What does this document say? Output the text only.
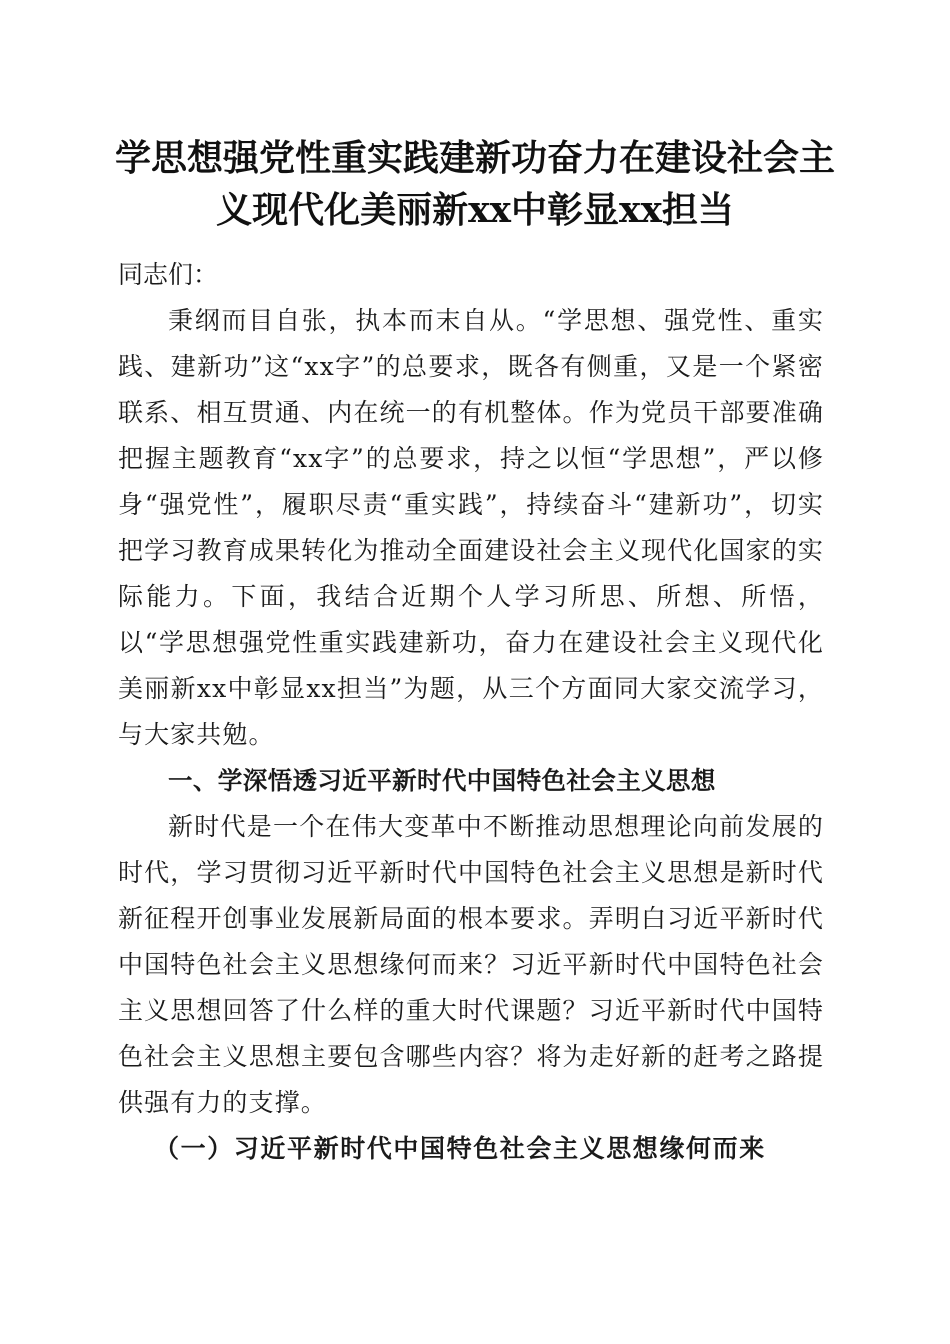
学思想强党性重实践建新功奋力在建设社会主
义现代化美丽新xx中彰显xx担当

同志们：

秉纲而目自张，执本而末自从。“学思想、强党性、重实践、建新功”这“xx字”的总要求，既各有侧重，又是一个紧密联系、相互贯通、内在统一的有机整体。作为党员干部要准确把握主题教育“xx字”的总要求，持之以恒“学思想”，严以修身“强党性”，履职尽责“重实践”，持续奋斗“建新功”，切实把学习教育成果转化为推动全面建设社会主义现代化国家的实际能力。下面，我结合近期个人学习所思、所想、所悟，以“学思想强党性重实践建新功，奋力在建设社会主义现代化美丽新xx中彰显xx担当”为题，从三个方面同大家交流学习，与大家共勉。

一、学深悟透习近平新时代中国特色社会主义思想

新时代是一个在伟大变革中不断推动思想理论向前发展的时代，学习贯彻习近平新时代中国特色社会主义思想是新时代新征程开创事业发展新局面的根本要求。弄明白习近平新时代中国特色社会主义思想缘何而来？习近平新时代中国特色社会主义思想回答了什么样的重大时代课题？习近平新时代中国特色社会主义思想主要包含哪些内容？将为走好新的赶考之路提供强有力的支撑。

（一）习近平新时代中国特色社会主义思想缘何而来
